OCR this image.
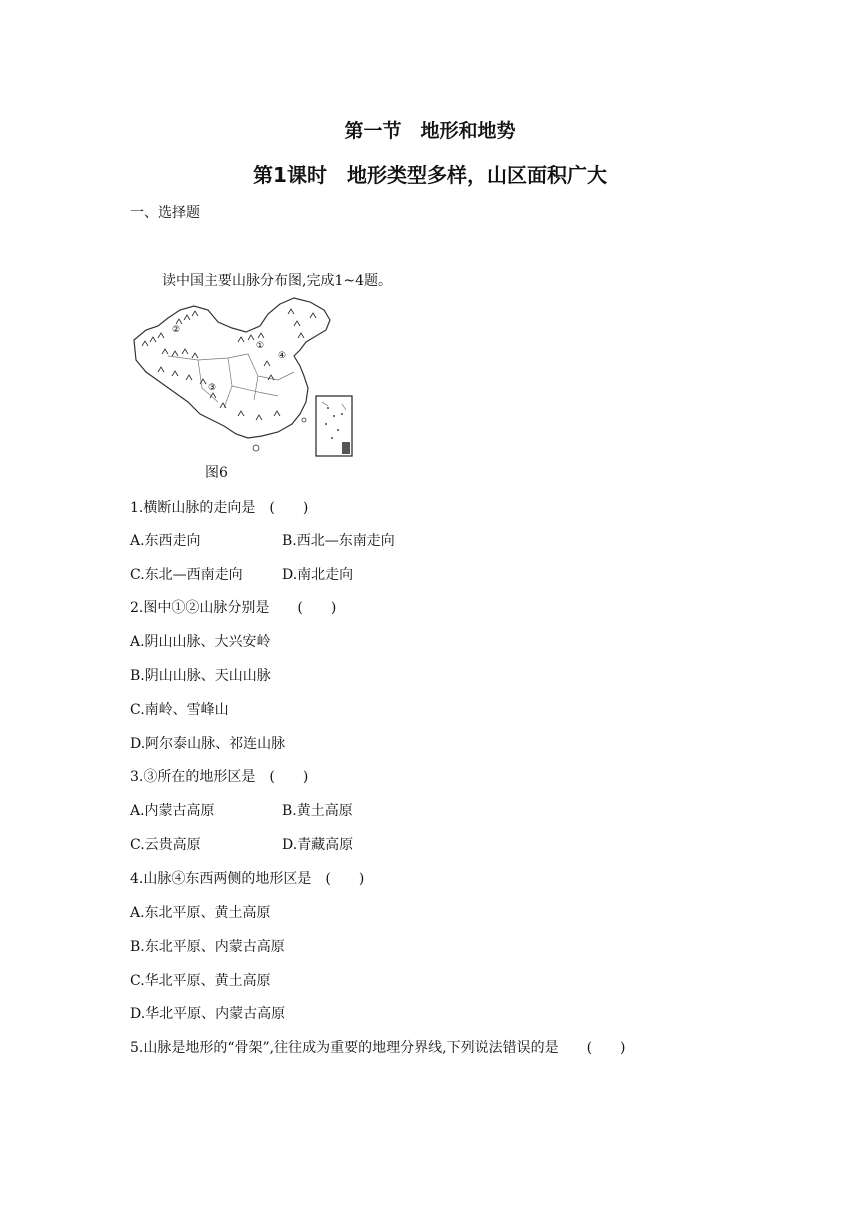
第一节　地形和地势
第1课时　地形类型多样，山区面积广大
一、选择题
读中国主要山脉分布图,完成1~4题。
①
②
③
④
图6
1.横断山脉的走向是　(　　)
A.东西走向	B.西北—东南走向
C.东北—西南走向	D.南北走向
2.图中①②山脉分别是　　(　　)
A.阴山山脉、大兴安岭
B.阴山山脉、天山山脉
C.南岭、雪峰山
D.阿尔泰山脉、祁连山脉
3.③所在的地形区是　(　　)
A.内蒙古高原	B.黄土高原
C.云贵高原	D.青藏高原
4.山脉④东西两侧的地形区是　(　　)
A.东北平原、黄土高原
B.东北平原、内蒙古高原
C.华北平原、黄土高原
D.华北平原、内蒙古高原
5.山脉是地形的“骨架”,往往成为重要的地理分界线,下列说法错误的是　　(　　)
